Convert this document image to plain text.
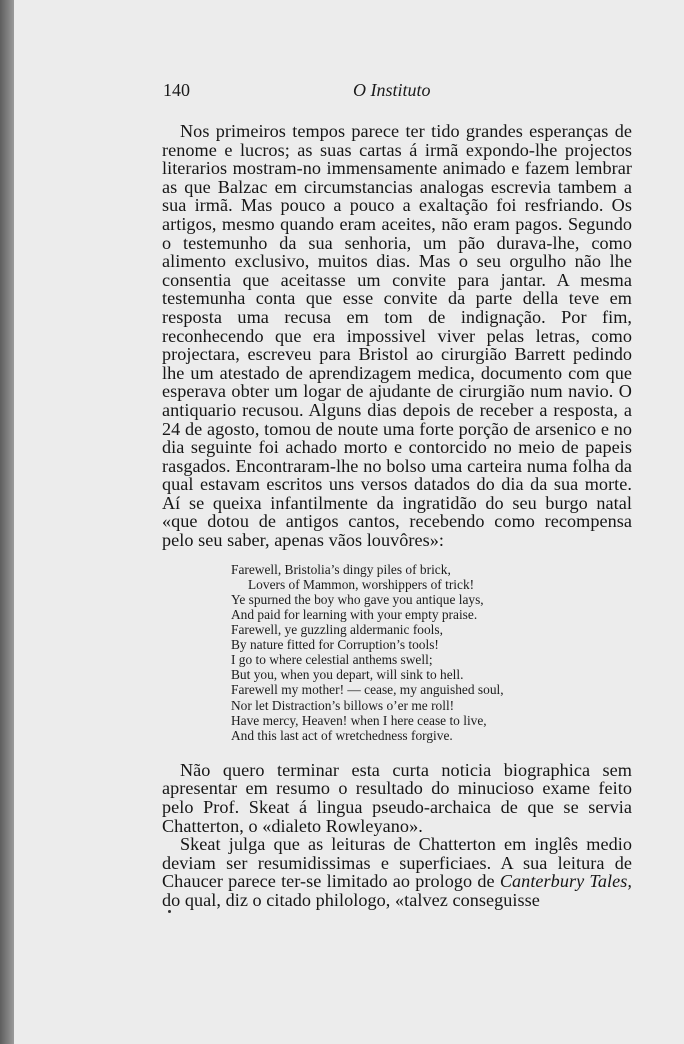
140	O Instituto

Nos primeiros tempos parece ter tido grandes esperanças de renome e lucros; as suas cartas á irmã expondo-lhe projectos literarios mostram-no immensamente animado e fazem lembrar as que Balzac em circumstancias analogas escrevia tambem a sua irmã. Mas pouco a pouco a exaltação foi resfriando. Os artigos, mesmo quando eram aceites, não eram pagos. Segundo o testemunho da sua senhoria, um pão durava-lhe, como alimento exclusivo, muitos dias. Mas o seu orgulho não lhe consentia que aceitasse um convite para jantar. A mesma testemunha conta que esse convite da parte della teve em resposta uma recusa em tom de indignação. Por fim, reconhecendo que era impossivel viver pelas letras, como projectara, escreveu para Bristol ao cirurgião Barrett pedindo lhe um atestado de aprendizagem medica, documento com que esperava obter um logar de ajudante de cirurgião num navio. O antiquario recusou. Alguns dias depois de receber a resposta, a 24 de agosto, tomou de noute uma forte porção de arsenico e no dia seguinte foi achado morto e contorcido no meio de papeis rasgados. Encontraram-lhe no bolso uma carteira numa folha da qual estavam escritos uns versos datados do dia da sua morte. Aí se queixa infantilmente da ingratidão do seu burgo natal «que dotou de antigos cantos, recebendo como recompensa pelo seu saber, apenas vãos louvôres»:

Farewell, Bristolia’s dingy piles of brick,
Lovers of Mammon, worshippers of trick!
Ye spurned the boy who gave you antique lays,
And paid for learning with your empty praise.
Farewell, ye guzzling aldermanic fools,
By nature fitted for Corruption’s tools!
I go to where celestial anthems swell;
But you, when you depart, will sink to hell.
Farewell my mother! — cease, my anguished soul,
Nor let Distraction’s billows o’er me roll!
Have mercy, Heaven! when I here cease to live,
And this last act of wretchedness forgive.

Não quero terminar esta curta noticia biographica sem apresentar em resumo o resultado do minucioso exame feito pelo Prof. Skeat á lingua pseudo-archaica de que se servia Chatterton, o «dialeto Rowleyano».

Skeat julga que as leituras de Chatterton em inglês medio deviam ser resumidissimas e superficiaes. A sua leitura de Chaucer parece ter-se limitado ao prologo de Canterbury Tales, do qual, diz o citado philologo, «talvez conseguisse
